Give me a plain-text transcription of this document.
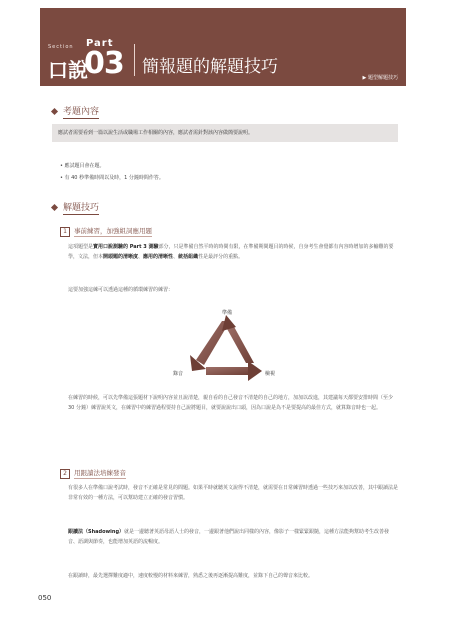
Section Part
口說
03 簡報題的解題技巧
▶ 題型解題技巧
考題內容
應試者需要看到一篇以說生活或職場工作相關的內容，應試者需針對該內容做簡要說明。
• 應試題目會在題。
• 有 40 秒準備時間以及時，1 分鐘時間作答。
解題技巧
1	事前練習，加強組詞應用題
這項題型是實用口說測驗的 Part 3 測驗部分，只是準備自然平時的時間有限，在準備期間題目的時候，自身考生會覺都有內容時增加的多輸難的要學，文法，但本開頭題的清晰度、應用的清晰性、統括組織性是最評分的重點。
這要加強這練可以透過這種的循環練習的練習：
準備
錄音	檢視
在練習的時候，可以先準備這張題材下說明內容並且說清楚，親自看的自己發音不清楚的自己的地方，加加以改進，其建議每天都要安排時間（至少 30 分鐘）練習說英文，在練習中的練習過程要持自己說將題目，就要說說出口頭，因為口說是為不是要提高的最佳方式，就算錄音時也一起。
2	用跟讀法培練發音
有很多人在準備口說考試時，發音不正確是常見的問題。如果平時就聽英文說得不清楚，就需要在日常練習時透過一些技巧來加以改善，其中跟讀法是非常有效的一種方法，可以幫助建立正確的發音習慣。
跟讀法（Shadowing）就是一邊聽著英語母語人士的發音，一邊跟著他們說出同樣的內容，像影子一樣緊緊跟隨，這種方法能夠幫助考生改善發音、語調與節奏，也能增加英語的流暢度。
在跟讀時，最先選擇難度適中，速度較慢的材料來練習，熟悉之後再逐漸提高難度，並錄下自己的聲音來比較。
050
